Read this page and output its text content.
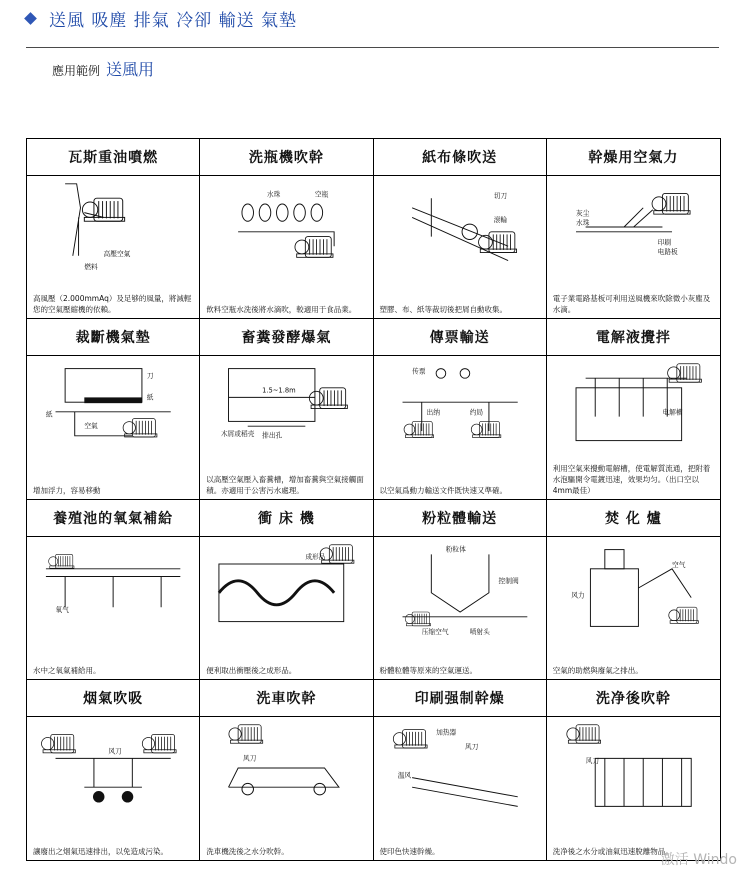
送風 吸塵 排氣 冷卻 輸送 氣墊
應用範例 送風用
瓦斯重油噴燃
高壓空氣
燃料
高風壓（2.000mmAq）及足够的風量，將減輕您的空氣壓縮機的依賴。
洗瓶機吹幹
水珠	空瓶
飲料空瓶水洗後將水滴吹，較適用于食品業。
紙布條吹送
切刀
滾輪
塑膠、布、紙等裁切後把屑自動收集。
幹燥用空氣力
灰尘
水珠
印刷
电路板
電子業電路基板可利用送風機來吹除微小灰塵及水滴。
裁斷機氣墊
刀
紙
紙
空氣
增加浮力，容易移動
畜糞發酵爆氣
1.5~1.8m
木屑或稻壳 排出孔
以高壓空氣壓入畜糞槽，增加畜糞與空氣接觸面積。亦適用于公害污水處理。
傳票輸送
传票
出纳	约局
以空氣爲動力輸送文件既快速又準確。
電解液攪拌
电解槽
利用空氣來攪動電解槽，使電解質流通，把附着水泡驅開令電鍍迅速，效果均匀。（出口空以4mm最佳）
養殖池的氧氣補給
氧气
水中之氧氣補給用。
衝 床 機
成形品
便利取出衝壓後之成形品。
粉粒體輸送
粉粒体
控制阀
压缩空气	喷射头
粉體粒體等原來的空氣運送。
焚 化 爐
空气
风力
空氣的助燃與廢氣之排出。
烟氣吹吸
风刀
讓廢出之烟氣迅速排出，以免造成污染。
洗車吹幹
风刀
洗車機洗後之水分吹幹。
印刷强制幹燥
加热器
风刀
温风
使印色快速幹燥。
洗净後吹幹
风刀
洗净後之水分或油氣迅速脫離物品。
激活 Windo
